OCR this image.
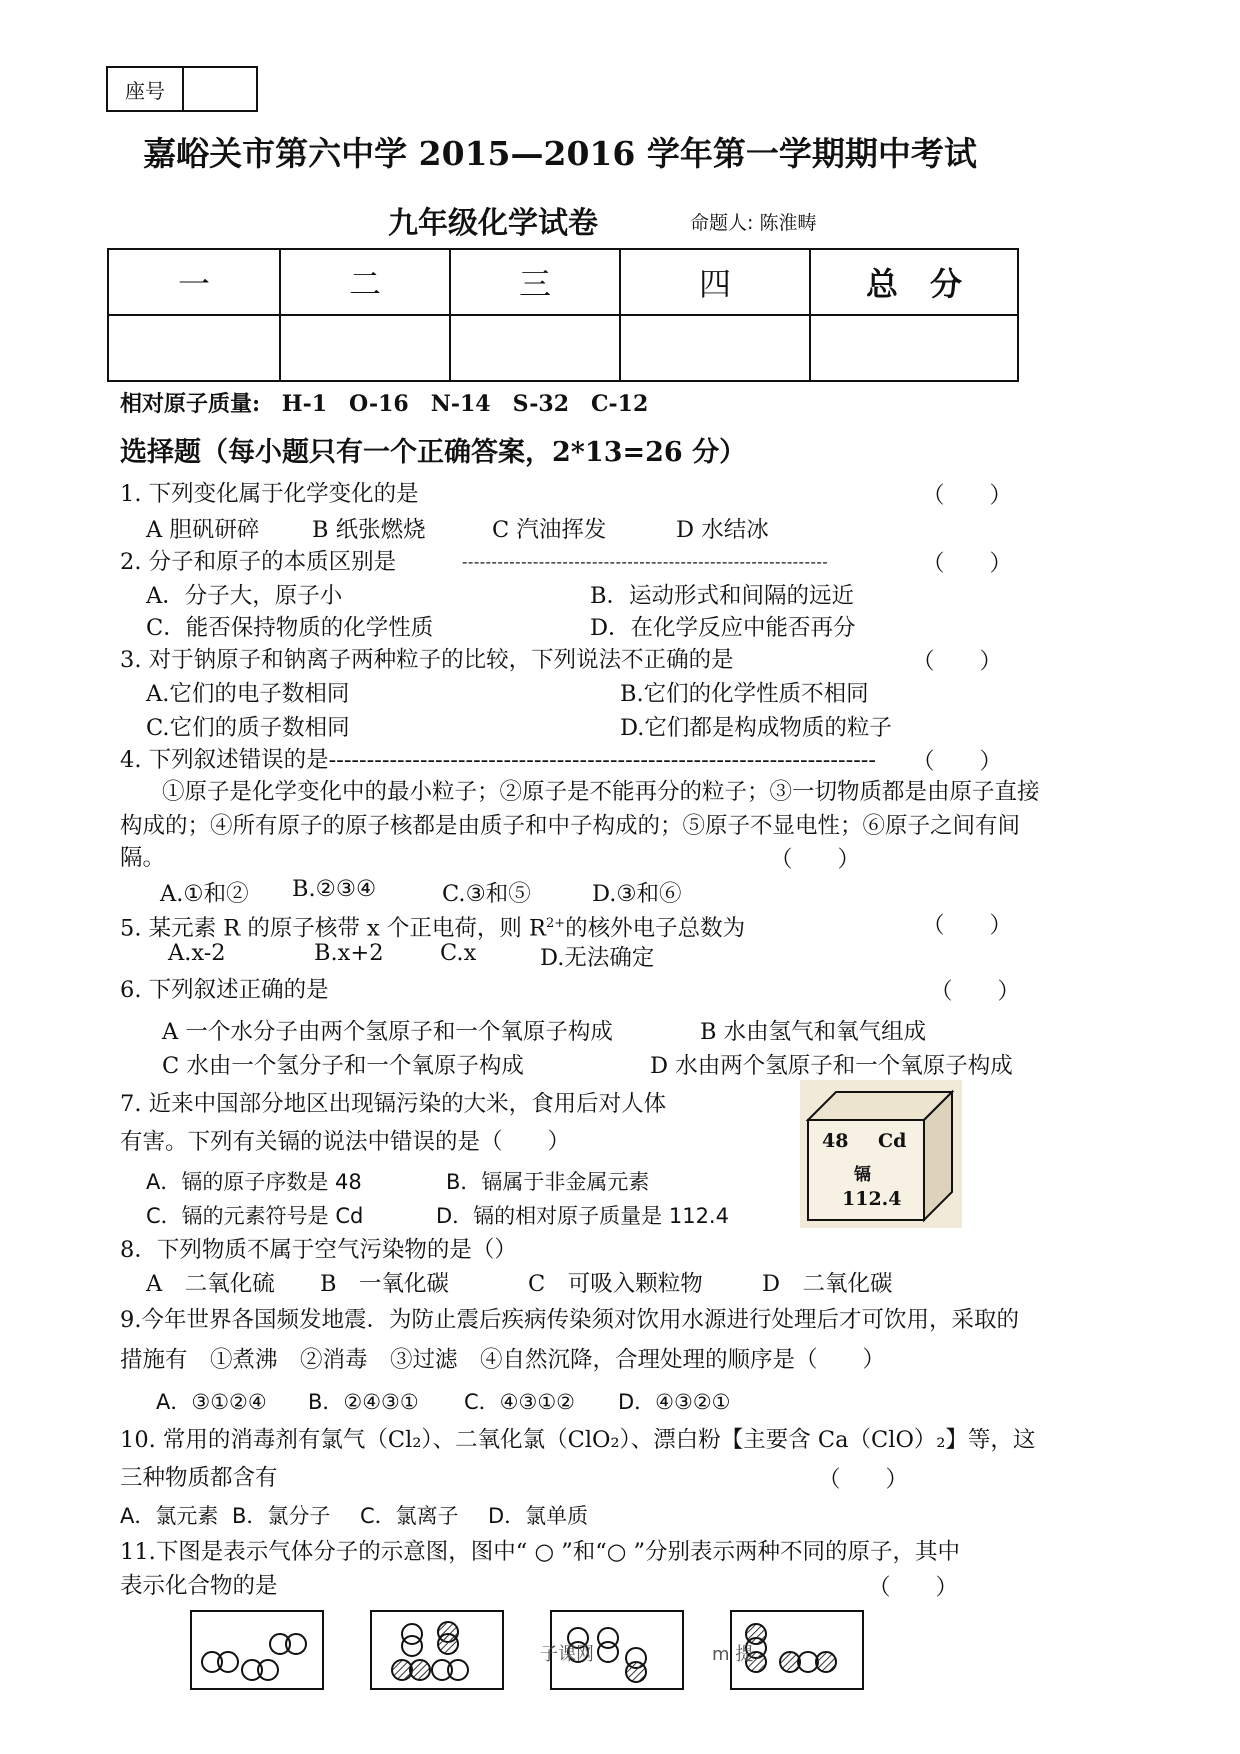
座号
嘉峪关市第六中学 2015—2016 学年第一学期期中考试
九年级化学试卷	命题人: 陈淮畴
一	二	三	四	总　分

相对原子质量: H-1　O-16　N-14　S-32　C-12
选择题（每小题只有一个正确答案，2*13=26 分）
1. 下列变化属于化学变化的是	（　　）
A 胆矾研碎 B 纸张燃烧	C 汽油挥发	D 水结冰
2. 分子和原子的本质区别是	--------------------------------------------------------------	（　　）
A．分子大，原子小	B．运动形式和间隔的远近
C．能否保持物质的化学性质	D．在化学反应中能否再分
3. 对于钠原子和钠离子两种粒子的比较，下列说法不正确的是	（　　）
A.它们的电子数相同	B.它们的化学性质不相同
C.它们的质子数相同	D.它们都是构成物质的粒子
4. 下列叙述错误的是------------------------------------------------------------------------	（　　）
①原子是化学变化中的最小粒子；②原子是不能再分的粒子；③一切物质都是由原子直接
构成的；④所有原子的原子核都是由质子和中子构成的；⑤原子不显电性；⑥原子之间有间
隔。	（　　）
A.①和② B.②③④	C.③和⑤	D.③和⑥
5. 某元素 R 的原子核带 x 个正电荷，则 $R^{2+}$的核外电子总数为	（　　）
A.x-2	B.x+2	C.x	D.无法确定
6. 下列叙述正确的是	（　　）
A 一个水分子由两个氢原子和一个氧原子构成	B 水由氢气和氧气组成
C 水由一个氢分子和一个氧原子构成	D 水由两个氢原子和一个氧原子构成
7. 近来中国部分地区出现镉污染的大米，食用后对人体
有害。下列有关镉的说法中错误的是（　　）
A．镉的原子序数是 48	B．镉属于非金属元素
C．镉的元素符号是 Cd	D．镉的相对原子质量是 112.4
48 Cd
镉
112.4
8．下列物质不属于空气污染物的是（）
A　二氧化硫 B　一氧化碳	C　可吸入颗粒物	D　二氧化碳
9.今年世界各国频发地震．为防止震后疾病传染须对饮用水源进行处理后才可饮用，采取的
措施有　①煮沸　②消毒　③过滤　④自然沉降，合理处理的顺序是（　　）
A．③①②④ B．②④③① C．④③①② D．④③②①
10. 常用的消毒剂有氯气（Cl₂）、二氧化氯（ClO₂）、漂白粉【主要含 Ca（ClO）₂】等，这
三种物质都含有	（　　）
A．氯元素 B．氯分子 C．氯离子 D．氯单质
11.下图是表示气体分子的示意图，图中“ ○ ”和“○ ”分别表示两种不同的原子，其中
表示化合物的是	（　　）
子课网	m 提
